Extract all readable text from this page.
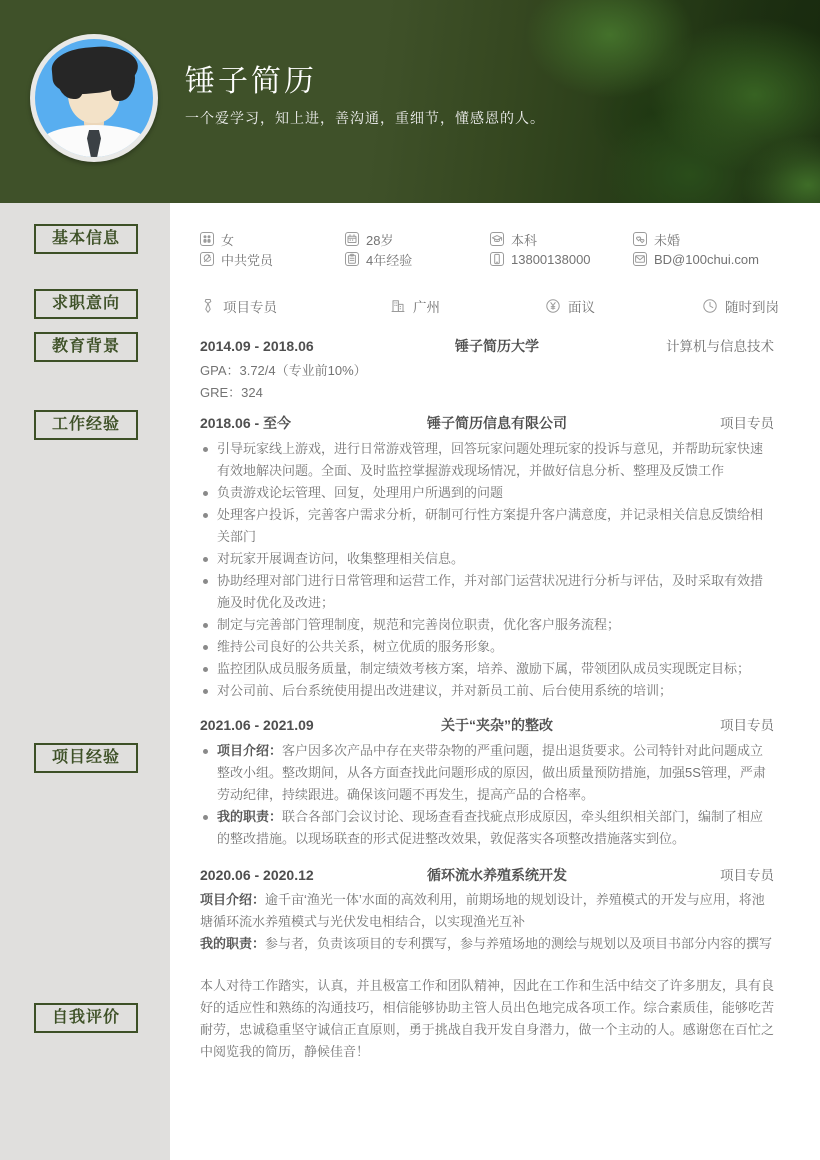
锤子简历
一个爱学习，知上进，善沟通，重细节，懂感恩的人。
基本信息
求职意向
教育背景
工作经验
项目经验
自我评价
女	28岁	本科	未婚
中共党员	4年经验	13800138000	BD@100chui.com
项目专员	广州	面议	随时到岗
2014.09 - 2018.06	锤子简历大学	计算机与信息技术
GPA：3.72/4（专业前10%）
GRE：324
2018.06 - 至今	锤子简历信息有限公司	项目专员
引导玩家线上游戏，进行日常游戏管理，回答玩家问题处理玩家的投诉与意见，并帮助玩家快速有效地解决问题。全面、及时监控掌握游戏现场情况，并做好信息分析、整理及反馈工作
负责游戏论坛管理、回复，处理用户所遇到的问题
处理客户投诉，完善客户需求分析，研制可行性方案提升客户满意度，并记录相关信息反馈给相关部门
对玩家开展调查访问，收集整理相关信息。
协助经理对部门进行日常管理和运营工作，并对部门运营状况进行分析与评估，及时采取有效措施及时优化及改进；
制定与完善部门管理制度，规范和完善岗位职责，优化客户服务流程；
维持公司良好的公共关系，树立优质的服务形象。
监控团队成员服务质量，制定绩效考核方案，培养、激励下属，带领团队成员实现既定目标；
对公司前、后台系统使用提出改进建议，并对新员工前、后台使用系统的培训；
2021.06 - 2021.09	关于“夹杂”的整改	项目专员
项目介绍：客户因多次产品中存在夹带杂物的严重问题，提出退货要求。公司特针对此问题成立整改小组。整改期间，从各方面查找此问题形成的原因，做出质量预防措施，加强5S管理，严肃劳动纪律，持续跟进。确保该问题不再发生，提高产品的合格率。
我的职责：联合各部门会议讨论、现场查看查找疵点形成原因，牵头组织相关部门，编制了相应的整改措施。以现场联查的形式促进整改效果，敦促落实各项整改措施落实到位。
2020.06 - 2020.12	循环流水养殖系统开发	项目专员
项目介绍：逾千亩‘渔光一体’水面的高效利用，前期场地的规划设计，养殖模式的开发与应用，将池塘循环流水养殖模式与光伏发电相结合，以实现渔光互补
我的职责：参与者，负责该项目的专利撰写，参与养殖场地的测绘与规划以及项目书部分内容的撰写
本人对待工作踏实，认真，并且极富工作和团队精神，因此在工作和生活中结交了许多朋友，具有良好的适应性和熟练的沟通技巧，相信能够协助主管人员出色地完成各项工作。综合素质佳，能够吃苦耐劳，忠诚稳重坚守诚信正直原则，勇于挑战自我开发自身潜力，做一个主动的人。感谢您在百忙之中阅览我的简历，静候佳音！
